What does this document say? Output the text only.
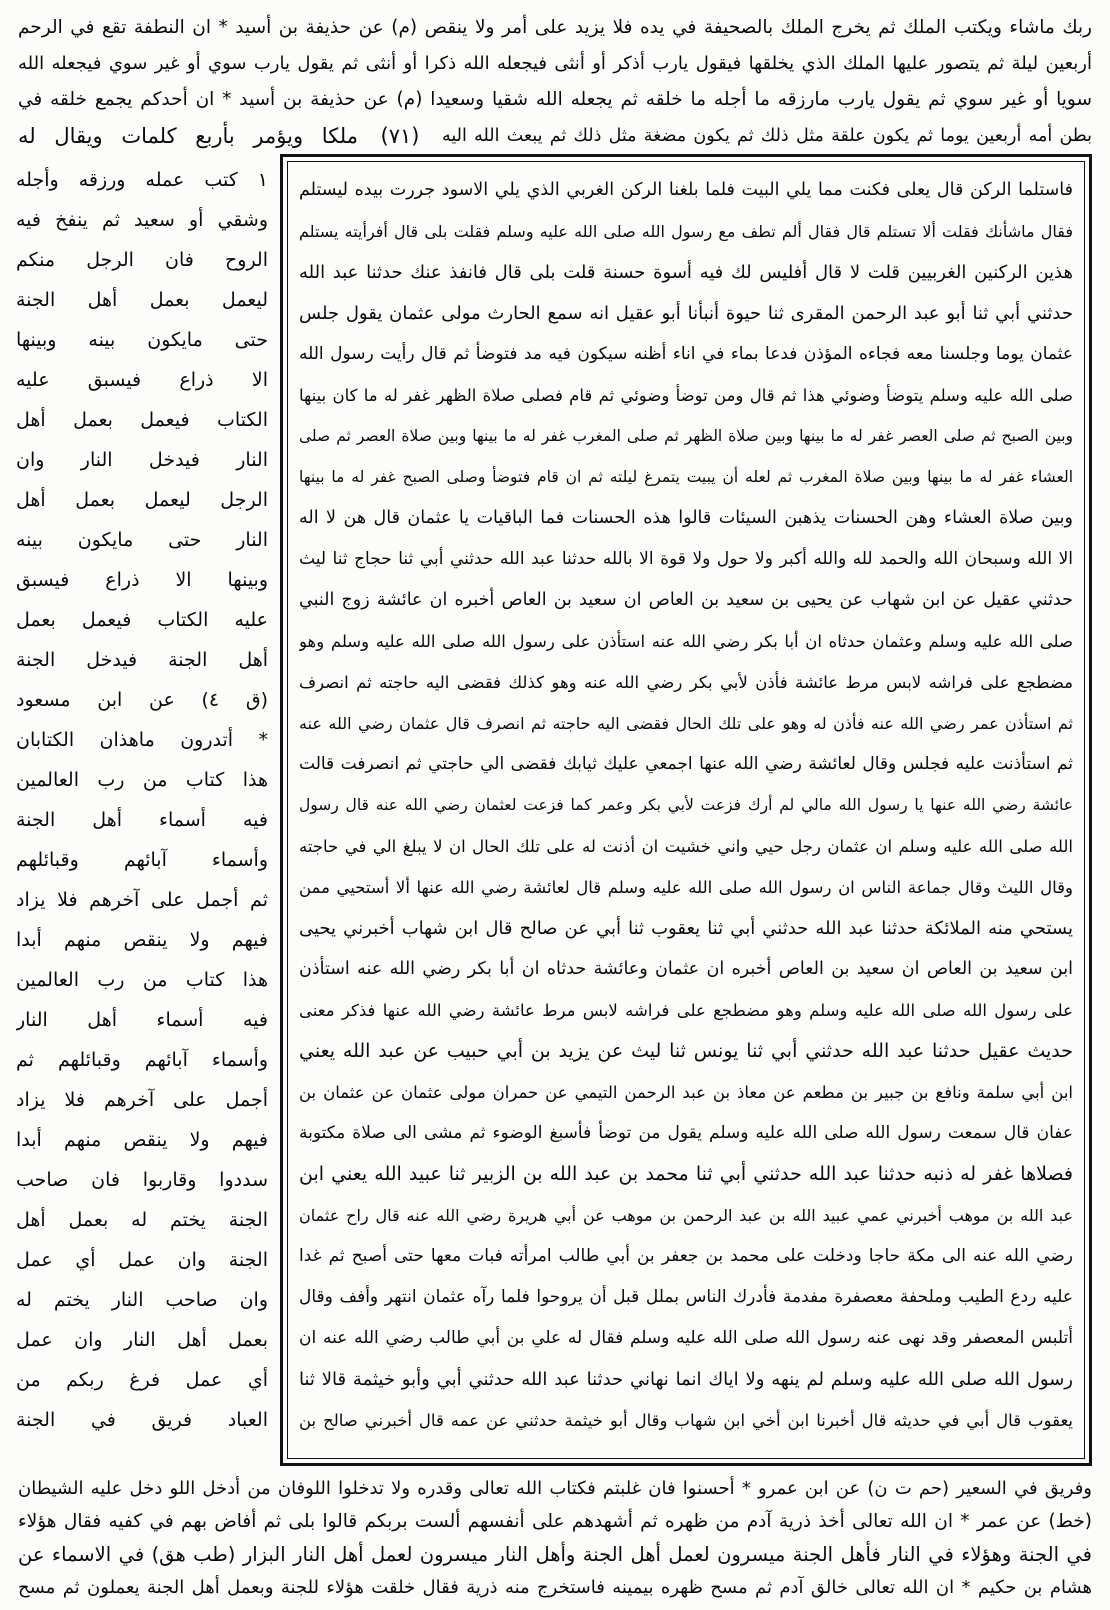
ربك ماشاء ويكتب الملك ثم يخرج الملك بالصحيفة في يده فلا يزيد على أمر ولا ينقص (م) عن حذيفة بن أسيد * ان النطفة تقع في الرحم
أربعين ليلة ثم يتصور عليها الملك الذي يخلقها فيقول يارب أذكر أو أنثى فيجعله الله ذكرا أو أنثى ثم يقول يارب سوي أو غير سوي فيجعله الله
سويا أو غير سوي ثم يقول يارب مارزقه ما أجله ما خلقه ثم يجعله الله شقيا وسعيدا (م) عن حذيفة بن أسيد * ان أحدكم يجمع خلقه في
بطن أمه أربعين يوما ثم يكون علقة مثل ذلك ثم يكون مضغة مثل ذلك ثم يبعث الله اليه
(٧١)
ملكا ويؤمر بأربع كلمات ويقال له
١ كتب عمله ورزقه وأجله
وشقي أو سعيد ثم ينفخ فيه
الروح فان الرجل منكم
ليعمل بعمل أهل الجنة
حتى مايكون بينه وبينها
الا ذراع فيسبق عليه
الكتاب فيعمل بعمل أهل
النار فيدخل النار وان
الرجل ليعمل بعمل أهل
النار حتى مايكون بينه
وبينها الا ذراع فيسبق
عليه الكتاب فيعمل بعمل
أهل الجنة فيدخل الجنة
(ق ٤) عن ابن مسعود
* أتدرون ماهذان الكتابان
هذا كتاب من رب العالمين
فيه أسماء أهل الجنة
وأسماء آبائهم وقبائلهم
ثم أجمل على آخرهم فلا يزاد
فيهم ولا ينقص منهم أبدا
هذا كتاب من رب العالمين
فيه أسماء أهل النار
وأسماء آبائهم وقبائلهم ثم
أجمل على آخرهم فلا يزاد
فيهم ولا ينقص منهم أبدا
سددوا وقاربوا فان صاحب
الجنة يختم له بعمل أهل
الجنة وان عمل أي عمل
وان صاحب النار يختم له
بعمل أهل النار وان عمل
أي عمل فرغ ربكم من
العباد فريق في الجنة
فاستلما الركن قال يعلى فكنت مما يلي البيت فلما بلغنا الركن الغربي الذي يلي الاسود جررت بيده ليستلم
فقال ماشأنك فقلت ألا تستلم قال فقال ألم تطف مع رسول الله صلى الله عليه وسلم فقلت بلى قال أفرأيته يستلم
هذين الركنين الغربيين قلت لا قال أفليس لك فيه أسوة حسنة قلت بلى قال فانفذ عنك حدثنا عبد الله
حدثني أبي ثنا أبو عبد الرحمن المقرى ثنا حيوة أنبأنا أبو عقيل انه سمع الحارث مولى عثمان يقول جلس
عثمان يوما وجلسنا معه فجاءه المؤذن فدعا بماء في اناء أظنه سيكون فيه مد فتوضأ ثم قال رأيت رسول الله
صلى الله عليه وسلم يتوضأ وضوئي هذا ثم قال ومن توضأ وضوئي ثم قام فصلى صلاة الظهر غفر له ما كان بينها
وبين الصبح ثم صلى العصر غفر له ما بينها وبين صلاة الظهر ثم صلى المغرب غفر له ما بينها وبين صلاة العصر ثم صلى
العشاء غفر له ما بينها وبين صلاة المغرب ثم لعله أن يبيت يتمرغ ليلته ثم ان قام فتوضأ وصلى الصبح غفر له ما بينها
وبين صلاة العشاء وهن الحسنات يذهبن السيئات قالوا هذه الحسنات فما الباقيات يا عثمان قال هن لا اله
الا الله وسبحان الله والحمد لله والله أكبر ولا حول ولا قوة الا بالله حدثنا عبد الله حدثني أبي ثنا حجاج ثنا ليث
حدثني عقيل عن ابن شهاب عن يحيى بن سعيد بن العاص ان سعيد بن العاص أخبره ان عائشة زوج النبي
صلى الله عليه وسلم وعثمان حدثاه ان أبا بكر رضي الله عنه استأذن على رسول الله صلى الله عليه وسلم وهو
مضطجع على فراشه لابس مرط عائشة فأذن لأبي بكر رضي الله عنه وهو كذلك فقضى اليه حاجته ثم انصرف
ثم استأذن عمر رضي الله عنه فأذن له وهو على تلك الحال فقضى اليه حاجته ثم انصرف قال عثمان رضي الله عنه
ثم استأذنت عليه فجلس وقال لعائشة رضي الله عنها اجمعي عليك ثيابك فقضى الي حاجتي ثم انصرفت قالت
عائشة رضي الله عنها يا رسول الله مالي لم أرك فزعت لأبي بكر وعمر كما فزعت لعثمان رضي الله عنه قال رسول
الله صلى الله عليه وسلم ان عثمان رجل حيي واني خشيت ان أذنت له على تلك الحال ان لا يبلغ الي في حاجته
وقال الليث وقال جماعة الناس ان رسول الله صلى الله عليه وسلم قال لعائشة رضي الله عنها ألا أستحيي ممن
يستحي منه الملائكة حدثنا عبد الله حدثني أبي ثنا يعقوب ثنا أبي عن صالح قال ابن شهاب أخبرني يحيى
ابن سعيد بن العاص ان سعيد بن العاص أخبره ان عثمان وعائشة حدثاه ان أبا بكر رضي الله عنه استأذن
على رسول الله صلى الله عليه وسلم وهو مضطجع على فراشه لابس مرط عائشة رضي الله عنها فذكر معنى
حديث عقيل حدثنا عبد الله حدثني أبي ثنا يونس ثنا ليث عن يزيد بن أبي حبيب عن عبد الله يعني
ابن أبي سلمة ونافع بن جبير بن مطعم عن معاذ بن عبد الرحمن التيمي عن حمران مولى عثمان عن عثمان بن
عفان قال سمعت رسول الله صلى الله عليه وسلم يقول من توضأ فأسبغ الوضوء ثم مشى الى صلاة مكتوبة
فصلاها غفر له ذنبه حدثنا عبد الله حدثني أبي ثنا محمد بن عبد الله بن الزبير ثنا عبيد الله يعني ابن
عبد الله بن موهب أخبرني عمي عبيد الله بن عبد الرحمن بن موهب عن أبي هريرة رضي الله عنه قال راح عثمان
رضي الله عنه الى مكة حاجا ودخلت على محمد بن جعفر بن أبي طالب امرأته فبات معها حتى أصبح ثم غدا
عليه ردع الطيب وملحفة معصفرة مفدمة فأدرك الناس بملل قبل أن يروحوا فلما رآه عثمان انتهر وأفف وقال
أتلبس المعصفر وقد نهى عنه رسول الله صلى الله عليه وسلم فقال له علي بن أبي طالب رضي الله عنه ان
رسول الله صلى الله عليه وسلم لم ينهه ولا اياك انما نهاني حدثنا عبد الله حدثني أبي وأبو خيثمة قالا ثنا
يعقوب قال أبي في حديثه قال أخبرنا ابن أخي ابن شهاب وقال أبو خيثمة حدثني عن عمه قال أخبرني صالح بن
وفريق في السعير (حم ت ن) عن ابن عمرو * أحسنوا فان غلبتم فكتاب الله تعالى وقدره ولا تدخلوا اللوفان من أدخل اللو دخل عليه الشيطان
(خط) عن عمر * ان الله تعالى أخذ ذرية آدم من ظهره ثم أشهدهم على أنفسهم ألست بربكم قالوا بلى ثم أفاض بهم في كفيه فقال هؤلاء
في الجنة وهؤلاء في النار فأهل الجنة ميسرون لعمل أهل الجنة وأهل النار ميسرون لعمل أهل النار البزار (طب هق) في الاسماء عن
هشام بن حكيم * ان الله تعالى خالق آدم ثم مسح ظهره بيمينه فاستخرج منه ذرية فقال خلقت هؤلاء للجنة وبعمل أهل الجنة يعملون ثم مسح
